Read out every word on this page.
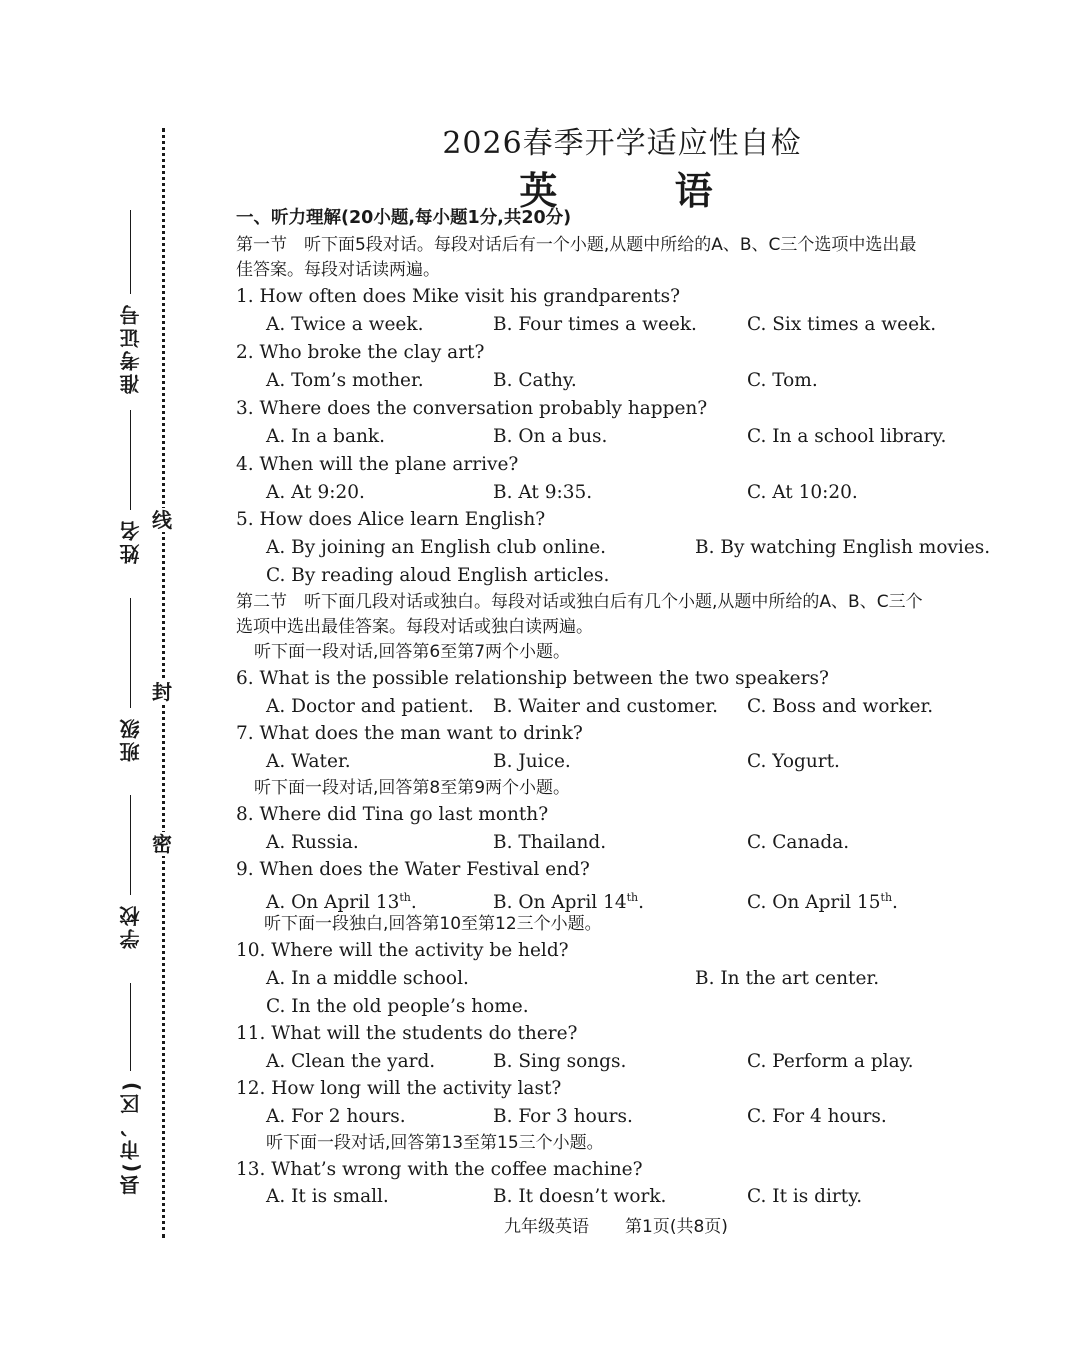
线
封
密
准考证号
姓名
班级
学校
县(市、区)
2026春季开学适应性自检
英 语
一、听力理解(20小题,每小题1分,共20分)
第一节　听下面5段对话。每段对话后有一个小题,从题中所给的A、B、C三个选项中选出最
佳答案。每段对话读两遍。
1. How often does Mike visit his grandparents?
A. Twice a week.	B. Four times a week.	C. Six times a week.
2. Who broke the clay art?
A. Tom’s mother.	B. Cathy.	C. Tom.
3. Where does the conversation probably happen?
A. In a bank.	B. On a bus.	C. In a school library.
4. When will the plane arrive?
A. At 9:20.	B. At 9:35.	C. At 10:20.
5. How does Alice learn English?
A. By joining an English club online.	B. By watching English movies.
C. By reading aloud English articles.
第二节　听下面几段对话或独白。每段对话或独白后有几个小题,从题中所给的A、B、C三个
选项中选出最佳答案。每段对话或独白读两遍。
听下面一段对话,回答第6至第7两个小题。
6. What is the possible relationship between the two speakers?
A. Doctor and patient. B. Waiter and customer. C. Boss and worker.
7. What does the man want to drink?
A. Water.	B. Juice.	C. Yogurt.
听下面一段对话,回答第8至第9两个小题。
8. Where did Tina go last month?
A. Russia.	B. Thailand.	C. Canada.
9. When does the Water Festival end?
A. On April 13th.	B. On April 14th.	C. On April 15th.
听下面一段独白,回答第10至第12三个小题。
10. Where will the activity be held?
A. In a middle school.	B. In the art center.
C. In the old people’s home.
11. What will the students do there?
A. Clean the yard.	B. Sing songs.	C. Perform a play.
12. How long will the activity last?
A. For 2 hours.	B. For 3 hours.	C. For 4 hours.
听下面一段对话,回答第13至第15三个小题。
13. What’s wrong with the coffee machine?
A. It is small.	B. It doesn’t work.	C. It is dirty.
九年级英语 第1页(共8页)
